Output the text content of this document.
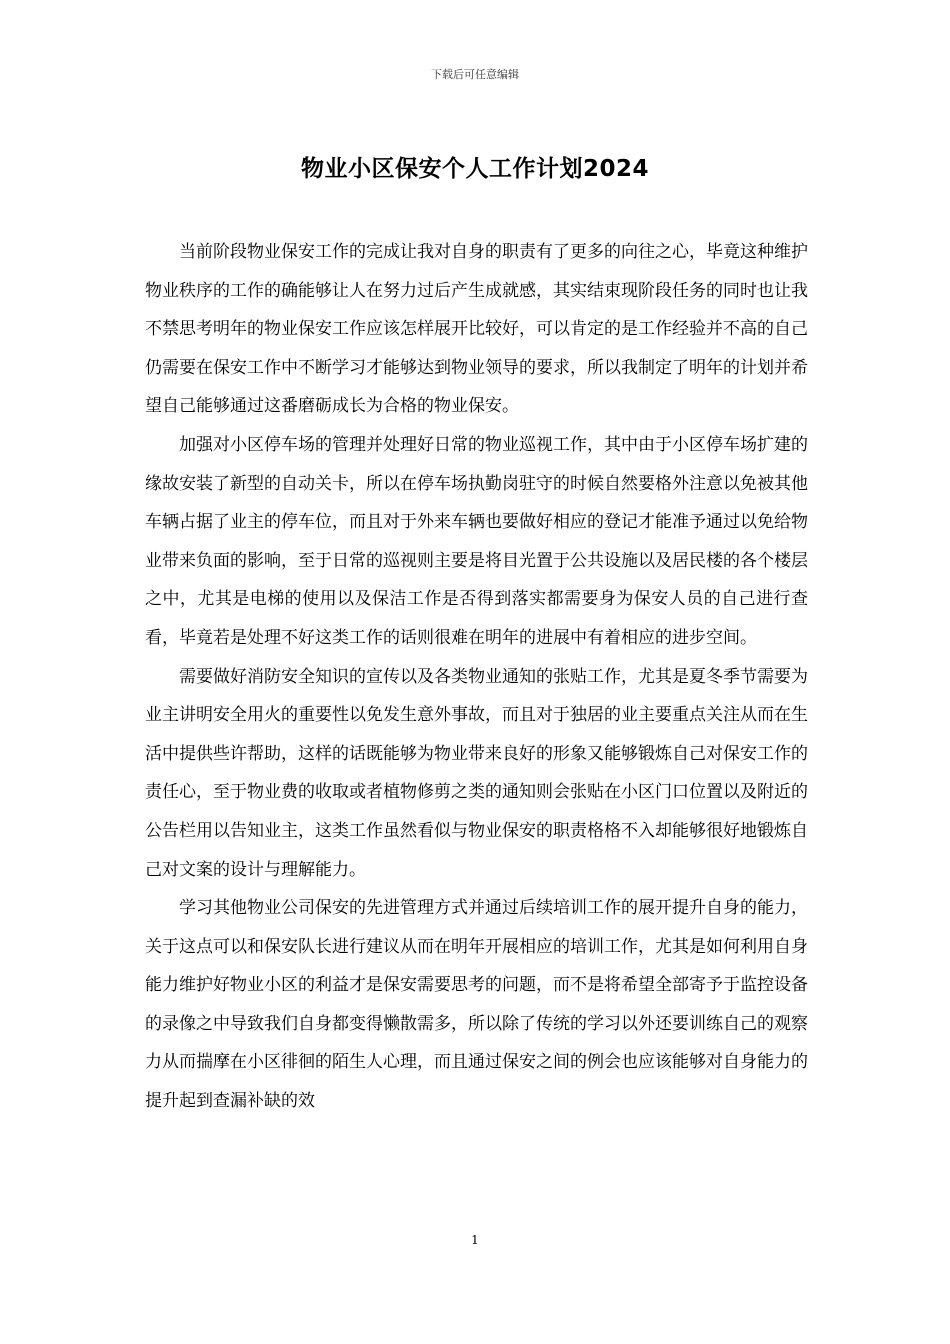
下载后可任意编辑
物业小区保安个人工作计划2024

当前阶段物业保安工作的完成让我对自身的职责有了更多的向往之心，毕竟这种维护物业秩序的工作的确能够让人在努力过后产生成就感，其实结束现阶段任务的同时也让我不禁思考明年的物业保安工作应该怎样展开比较好，可以肯定的是工作经验并不高的自己仍需要在保安工作中不断学习才能够达到物业领导的要求，所以我制定了明年的计划并希望自己能够通过这番磨砺成长为合格的物业保安。

加强对小区停车场的管理并处理好日常的物业巡视工作，其中由于小区停车场扩建的缘故安装了新型的自动关卡，所以在停车场执勤岗驻守的时候自然要格外注意以免被其他车辆占据了业主的停车位，而且对于外来车辆也要做好相应的登记才能准予通过以免给物业带来负面的影响，至于日常的巡视则主要是将目光置于公共设施以及居民楼的各个楼层之中，尤其是电梯的使用以及保洁工作是否得到落实都需要身为保安人员的自己进行查看，毕竟若是处理不好这类工作的话则很难在明年的进展中有着相应的进步空间。

需要做好消防安全知识的宣传以及各类物业通知的张贴工作，尤其是夏冬季节需要为业主讲明安全用火的重要性以免发生意外事故，而且对于独居的业主要重点关注从而在生活中提供些许帮助，这样的话既能够为物业带来良好的形象又能够锻炼自己对保安工作的责任心，至于物业费的收取或者植物修剪之类的通知则会张贴在小区门口位置以及附近的公告栏用以告知业主，这类工作虽然看似与物业保安的职责格格不入却能够很好地锻炼自己对文案的设计与理解能力。

学习其他物业公司保安的先进管理方式并通过后续培训工作的展开提升自身的能力，关于这点可以和保安队长进行建议从而在明年开展相应的培训工作，尤其是如何利用自身能力维护好物业小区的利益才是保安需要思考的问题，而不是将希望全部寄予于监控设备的录像之中导致我们自身都变得懒散需多，所以除了传统的学习以外还要训练自己的观察力从而揣摩在小区徘徊的陌生人心理，而且通过保安之间的例会也应该能够对自身能力的提升起到查漏补缺的效

1
